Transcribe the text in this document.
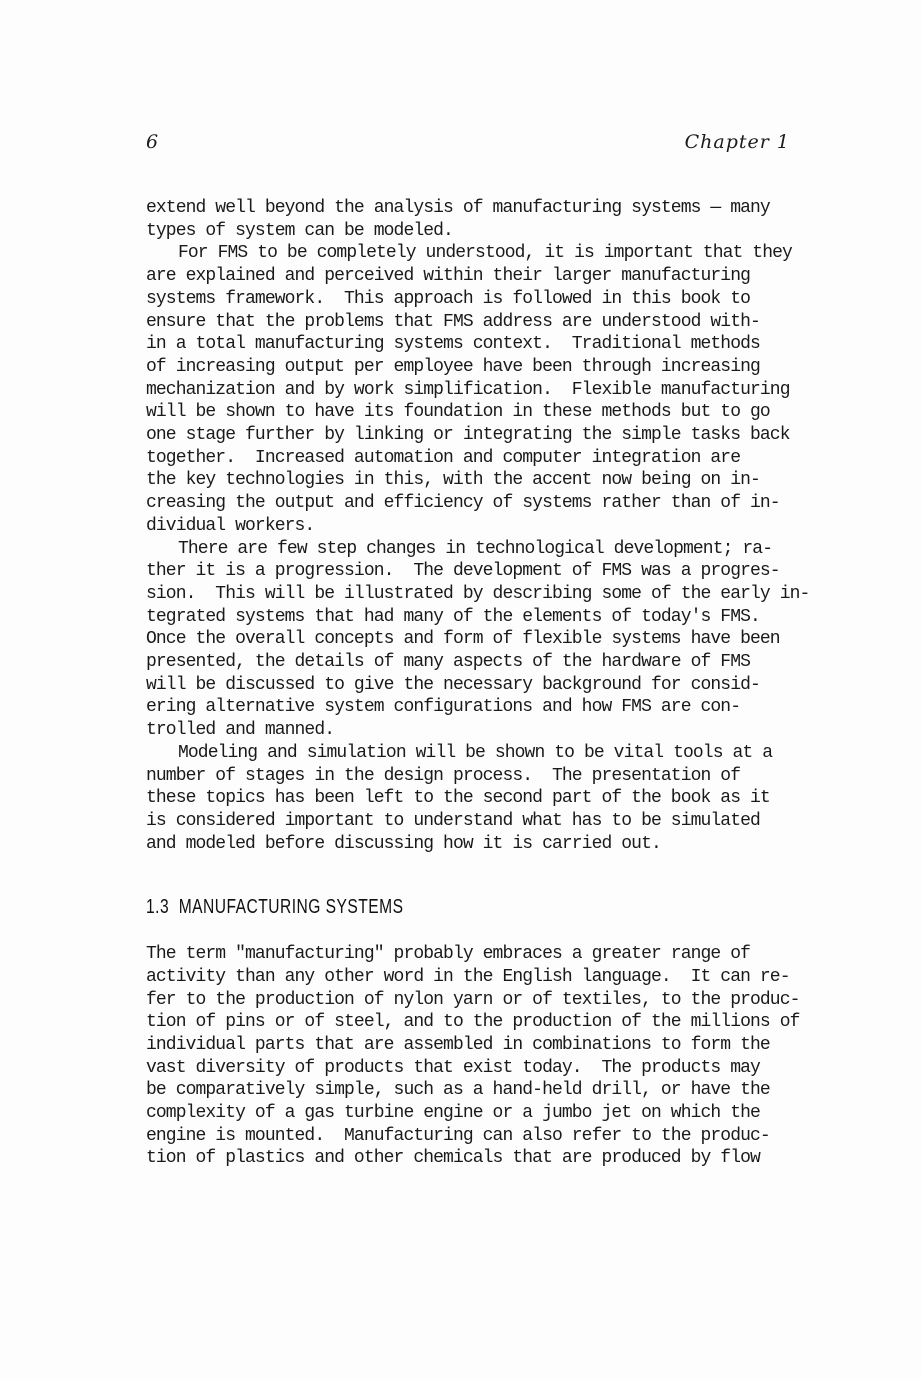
6	Chapter 1
extend well beyond the analysis of manufacturing systems — many
types of system can be modeled.
For FMS to be completely understood, it is important that they
are explained and perceived within their larger manufacturing
systems framework.  This approach is followed in this book to
ensure that the problems that FMS address are understood with-
in a total manufacturing systems context.  Traditional methods
of increasing output per employee have been through increasing
mechanization and by work simplification.  Flexible manufacturing
will be shown to have its foundation in these methods but to go
one stage further by linking or integrating the simple tasks back
together.  Increased automation and computer integration are
the key technologies in this, with the accent now being on in-
creasing the output and efficiency of systems rather than of in-
dividual workers.
There are few step changes in technological development; ra-
ther it is a progression.  The development of FMS was a progres-
sion.  This will be illustrated by describing some of the early in-
tegrated systems that had many of the elements of today's FMS.
Once the overall concepts and form of flexible systems have been
presented, the details of many aspects of the hardware of FMS
will be discussed to give the necessary background for consid-
ering alternative system configurations and how FMS are con-
trolled and manned.
Modeling and simulation will be shown to be vital tools at a
number of stages in the design process.  The presentation of
these topics has been left to the second part of the book as it
is considered important to understand what has to be simulated
and modeled before discussing how it is carried out.
1.3  MANUFACTURING SYSTEMS
The term "manufacturing" probably embraces a greater range of
activity than any other word in the English language.  It can re-
fer to the production of nylon yarn or of textiles, to the produc-
tion of pins or of steel, and to the production of the millions of
individual parts that are assembled in combinations to form the
vast diversity of products that exist today.  The products may
be comparatively simple, such as a hand-held drill, or have the
complexity of a gas turbine engine or a jumbo jet on which the
engine is mounted.  Manufacturing can also refer to the produc-
tion of plastics and other chemicals that are produced by flow
